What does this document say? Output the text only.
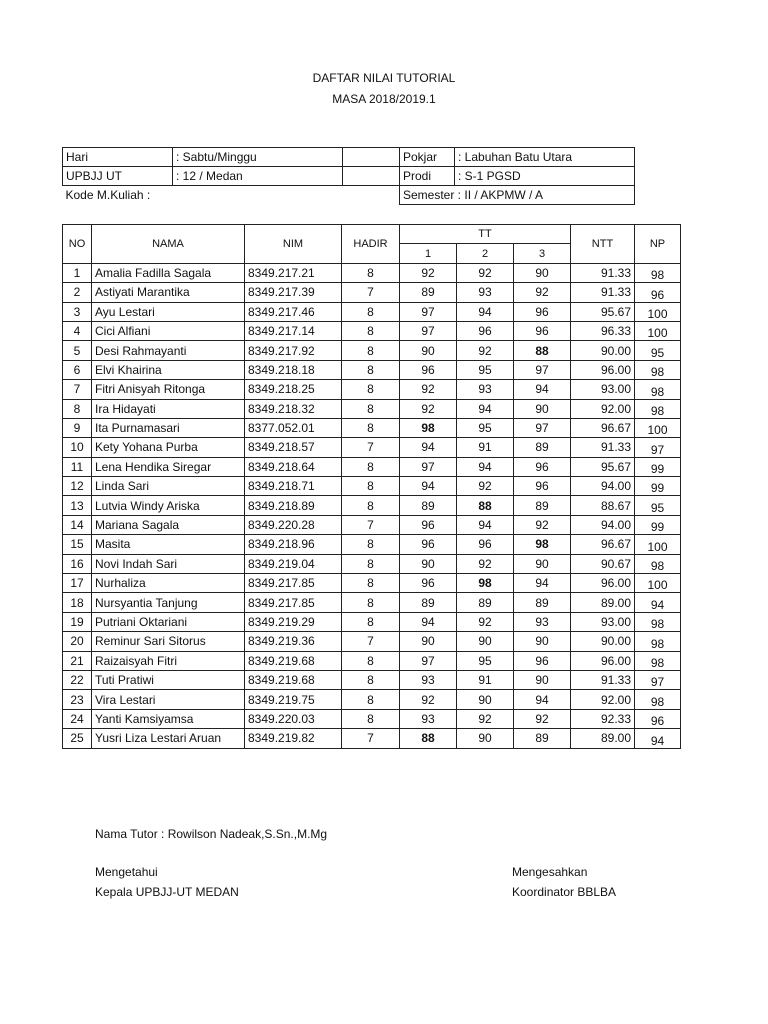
DAFTAR NILAI TUTORIAL
MASA 2018/2019.1
Hari	: Sabtu/Minggu		Pokjar	: Labuhan Batu Utara
UPBJJ UT	: 12 / Medan		Prodi	: S-1 PGSD
Kode M.Kuliah :			Semester : II / AKPMW / A	
NO	NAMA	NIM	HADIR	TT			NTT	NP
				1	2	3		
1	Amalia Fadilla Sagala	8349.217.21	8	92	92	90	91.33	98
2	Astiyati Marantika	8349.217.39	7	89	93	92	91.33	96
3	Ayu Lestari	8349.217.46	8	97	94	96	95.67	100
4	Cici Alfiani	8349.217.14	8	97	96	96	96.33	100
5	Desi Rahmayanti	8349.217.92	8	90	92	88	90.00	95
6	Elvi Khairina	8349.218.18	8	96	95	97	96.00	98
7	Fitri Anisyah Ritonga	8349.218.25	8	92	93	94	93.00	98
8	Ira Hidayati	8349.218.32	8	92	94	90	92.00	98
9	Ita Purnamasari	8377.052.01	8	98	95	97	96.67	100
10	Kety Yohana Purba	8349.218.57	7	94	91	89	91.33	97
11	Lena Hendika Siregar	8349.218.64	8	97	94	96	95.67	99
12	Linda Sari	8349.218.71	8	94	92	96	94.00	99
13	Lutvia Windy Ariska	8349.218.89	8	89	88	89	88.67	95
14	Mariana Sagala	8349.220.28	7	96	94	92	94.00	99
15	Masita	8349.218.96	8	96	96	98	96.67	100
16	Novi Indah Sari	8349.219.04	8	90	92	90	90.67	98
17	Nurhaliza	8349.217.85	8	96	98	94	96.00	100
18	Nursyantia Tanjung	8349.217.85	8	89	89	89	89.00	94
19	Putriani Oktariani	8349.219.29	8	94	92	93	93.00	98
20	Reminur Sari Sitorus	8349.219.36	7	90	90	90	90.00	98
21	Raizaisyah Fitri	8349.219.68	8	97	95	96	96.00	98
22	Tuti Pratiwi	8349.219.68	8	93	91	90	91.33	97
23	Vira Lestari	8349.219.75	8	92	90	94	92.00	98
24	Yanti Kamsiyamsa	8349.220.03	8	93	92	92	92.33	96
25	Yusri Liza Lestari Aruan	8349.219.82	7	88	90	89	89.00	94
Nama Tutor : Rowilson Nadeak,S.Sn.,M.Mg
Mengetahui
Kepala UPBJJ-UT MEDAN
Mengesahkan
Koordinator BBLBA
